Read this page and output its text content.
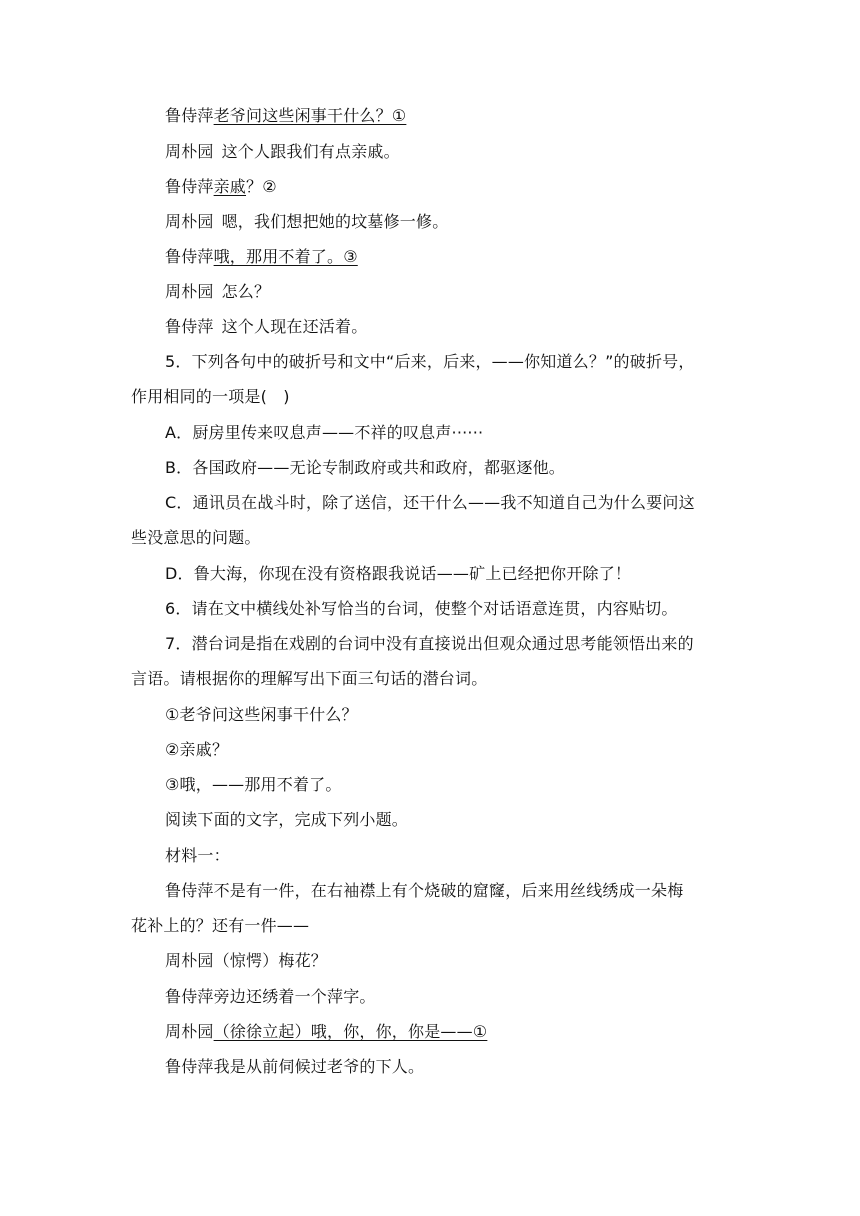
鲁侍萍老爷问这些闲事干什么？①
周朴园 这个人跟我们有点亲戚。
鲁侍萍亲戚？②
周朴园 嗯，我们想把她的坟墓修一修。
鲁侍萍哦，那用不着了。③
周朴园 怎么？
鲁侍萍 这个人现在还活着。
5．下列各句中的破折号和文中“后来，后来，——你知道么？”的破折号，
作用相同的一项是(　)
A．厨房里传来叹息声——不祥的叹息声······
B．各国政府——无论专制政府或共和政府，都驱逐他。
C．通讯员在战斗时，除了送信，还干什么——我不知道自己为什么要问这
些没意思的问题。
D．鲁大海，你现在没有资格跟我说话——矿上已经把你开除了！
6．请在文中横线处补写恰当的台词，使整个对话语意连贯，内容贴切。
7．潜台词是指在戏剧的台词中没有直接说出但观众通过思考能领悟出来的
言语。请根据你的理解写出下面三句话的潜台词。
①老爷问这些闲事干什么？
②亲戚？
③哦，——那用不着了。
阅读下面的文字，完成下列小题。
材料一：
鲁侍萍不是有一件，在右袖襟上有个烧破的窟窿，后来用丝线绣成一朵梅
花补上的？还有一件——
周朴园（惊愕）梅花？
鲁侍萍旁边还绣着一个萍字。
周朴园（徐徐立起）哦，你，你，你是——①
鲁侍萍我是从前伺候过老爷的下人。
